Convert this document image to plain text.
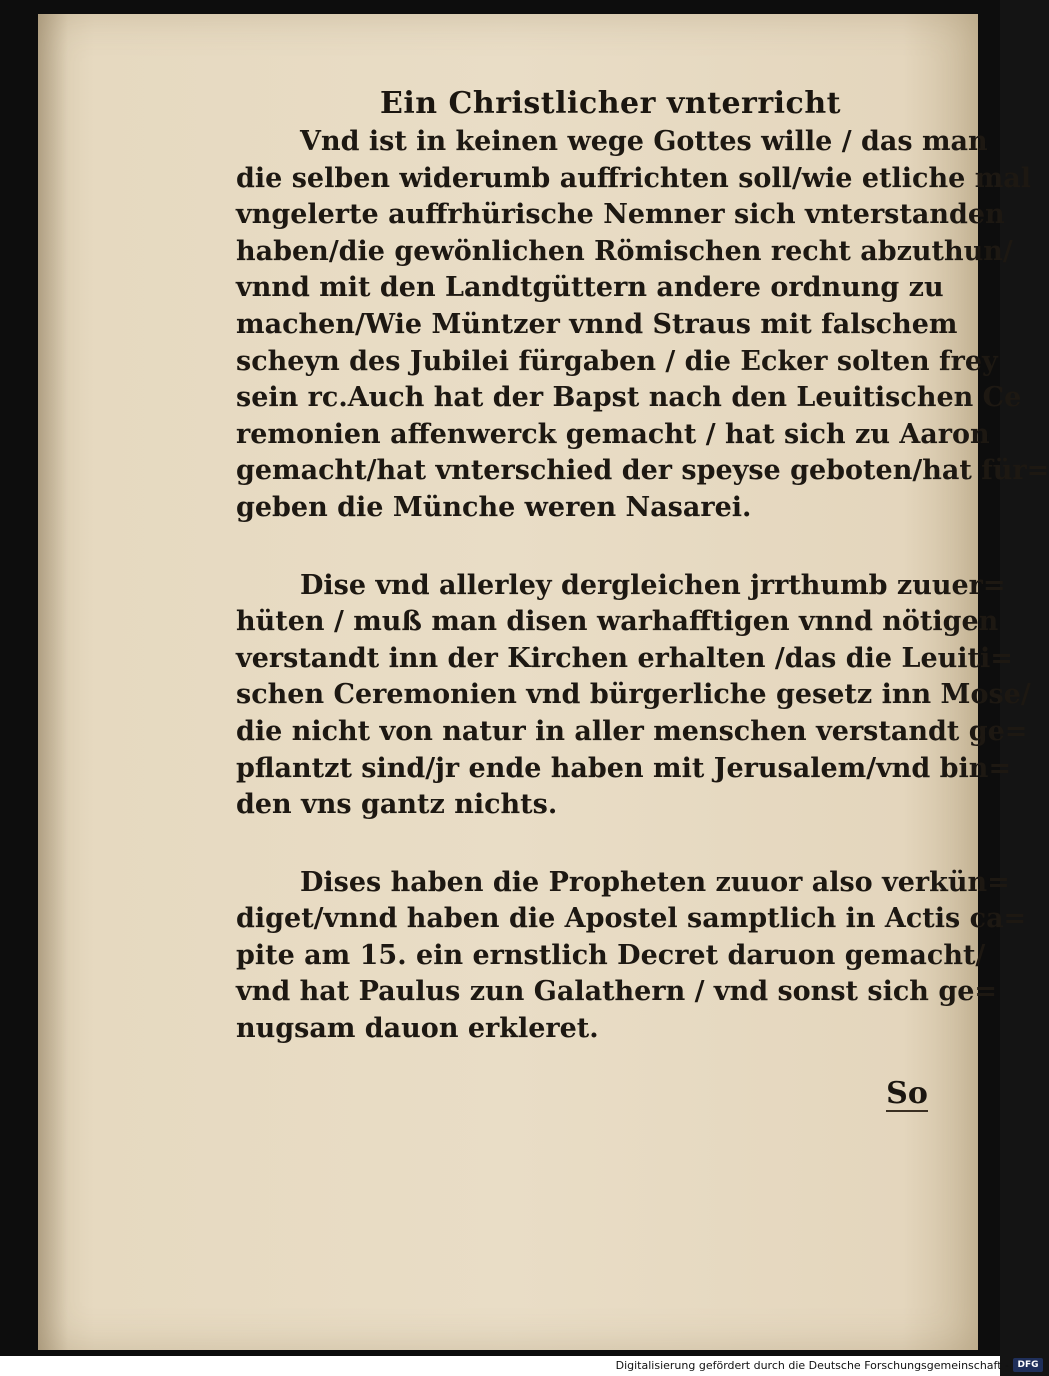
Ein Christlicher vnterricht

Vnd ist in keinen wege Gottes wille / das man
die selben widerumb auffrichten soll/wie etliche mal
vngelerte auffrhürische Nemner sich vnterstanden
haben/die gewönlichen Römischen recht abzuthun/
vnnd mit den Landtgüttern andere ordnung zu
machen/Wie Müntzer vnnd Straus mit falschem
scheyn des Jubilei fürgaben / die Ecker solten frey
sein rc.Auch hat der Bapst nach den Leuitischen Ce
remonien affenwerck gemacht / hat sich zu Aaron
gemacht/hat vnterschied der speyse geboten/hat für=
geben die Münche weren Nasarei.

Dise vnd allerley dergleichen jrrthumb zuuer=
hüten / muß man disen warhafftigen vnnd nötigen
verstandt inn der Kirchen erhalten /das die Leuiti=
schen Ceremonien vnd bürgerliche gesetz inn Mose/
die nicht von natur in aller menschen verstandt ge=
pflantzt sind/jr ende haben mit Jerusalem/vnd bin=
den vns gantz nichts.

Dises haben die Propheten zuuor also verkün=
diget/vnnd haben die Apostel samptlich in Actis ca=
pite am 15. ein ernstlich Decret daruon gemacht/
vnd hat Paulus zun Galathern / vnd sonst sich ge=
nugsam dauon erkleret.

So
Digitalisierung gefördert durch die Deutsche Forschungsgemeinschaft - DFG
